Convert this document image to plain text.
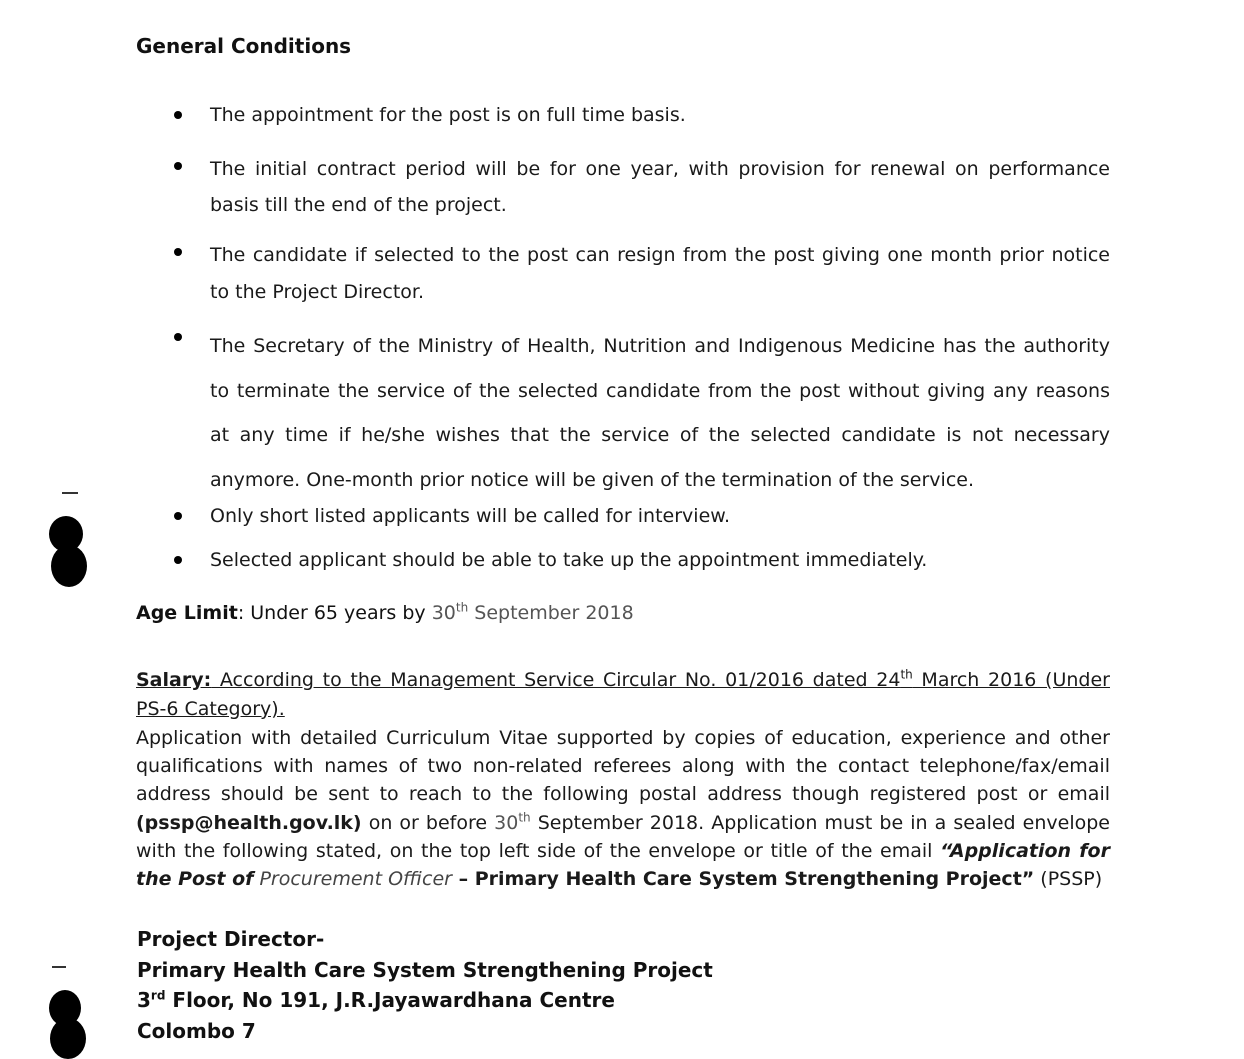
General Conditions
The appointment for the post is on full time basis.
The initial contract period will be for one year, with provision for renewal on performance basis till the end of the project.
The candidate if selected to the post can resign from the post giving one month prior notice to the Project Director.
The Secretary of the Ministry of Health, Nutrition and Indigenous Medicine has the authority to terminate the service of the selected candidate from the post without giving any reasons at any time if he/she wishes that the service of the selected candidate is not necessary anymore. One-month prior notice will be given of the termination of the service.
Only short listed applicants will be called for interview.
Selected applicant should be able to take up the appointment immediately.
Age Limit: Under 65 years by 30th September 2018
Salary: According to the Management Service Circular No. 01/2016 dated 24th March 2016 (Under PS-6 Category).
Application with detailed Curriculum Vitae supported by copies of education, experience and other qualifications with names of two non-related referees along with the contact telephone/fax/email address should be sent to reach to the following postal address though registered post or email (pssp@health.gov.lk) on or before 30th September 2018. Application must be in a sealed envelope with the following stated, on the top left side of the envelope or title of the email “Application for the Post of Procurement Officer – Primary Health Care System Strengthening Project” (PSSP)
Project Director-
Primary Health Care System Strengthening Project
3rd Floor, No 191, J.R.Jayawardhana Centre
Colombo 7
